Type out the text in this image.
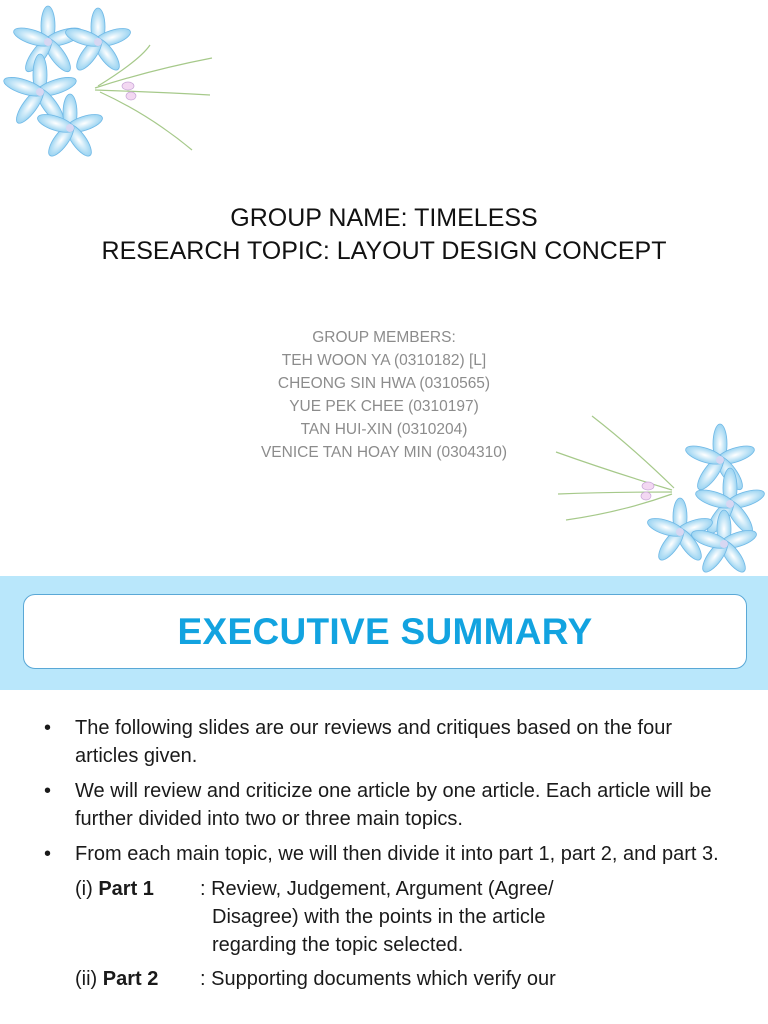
GROUP NAME: TIMELESS
RESEARCH TOPIC: LAYOUT DESIGN CONCEPT
GROUP MEMBERS:
TEH WOON YA (0310182) [L]
CHEONG SIN HWA (0310565)
YUE PEK CHEE (0310197)
TAN HUI-XIN (0310204)
VENICE TAN HOAY MIN (0304310)
EXECUTIVE SUMMARY
• The following slides are our reviews and critiques based on the four articles given.
• We will review and criticize one article by one article. Each article will be further divided into two or three main topics.
• From each main topic, we will then divide it into part 1, part 2, and part 3.
(i) Part 1	: Review, Judgement, Argument (Agree/ Disagree) with the points in the article regarding the topic selected.
(ii) Part 2	: Supporting documents which verify our
